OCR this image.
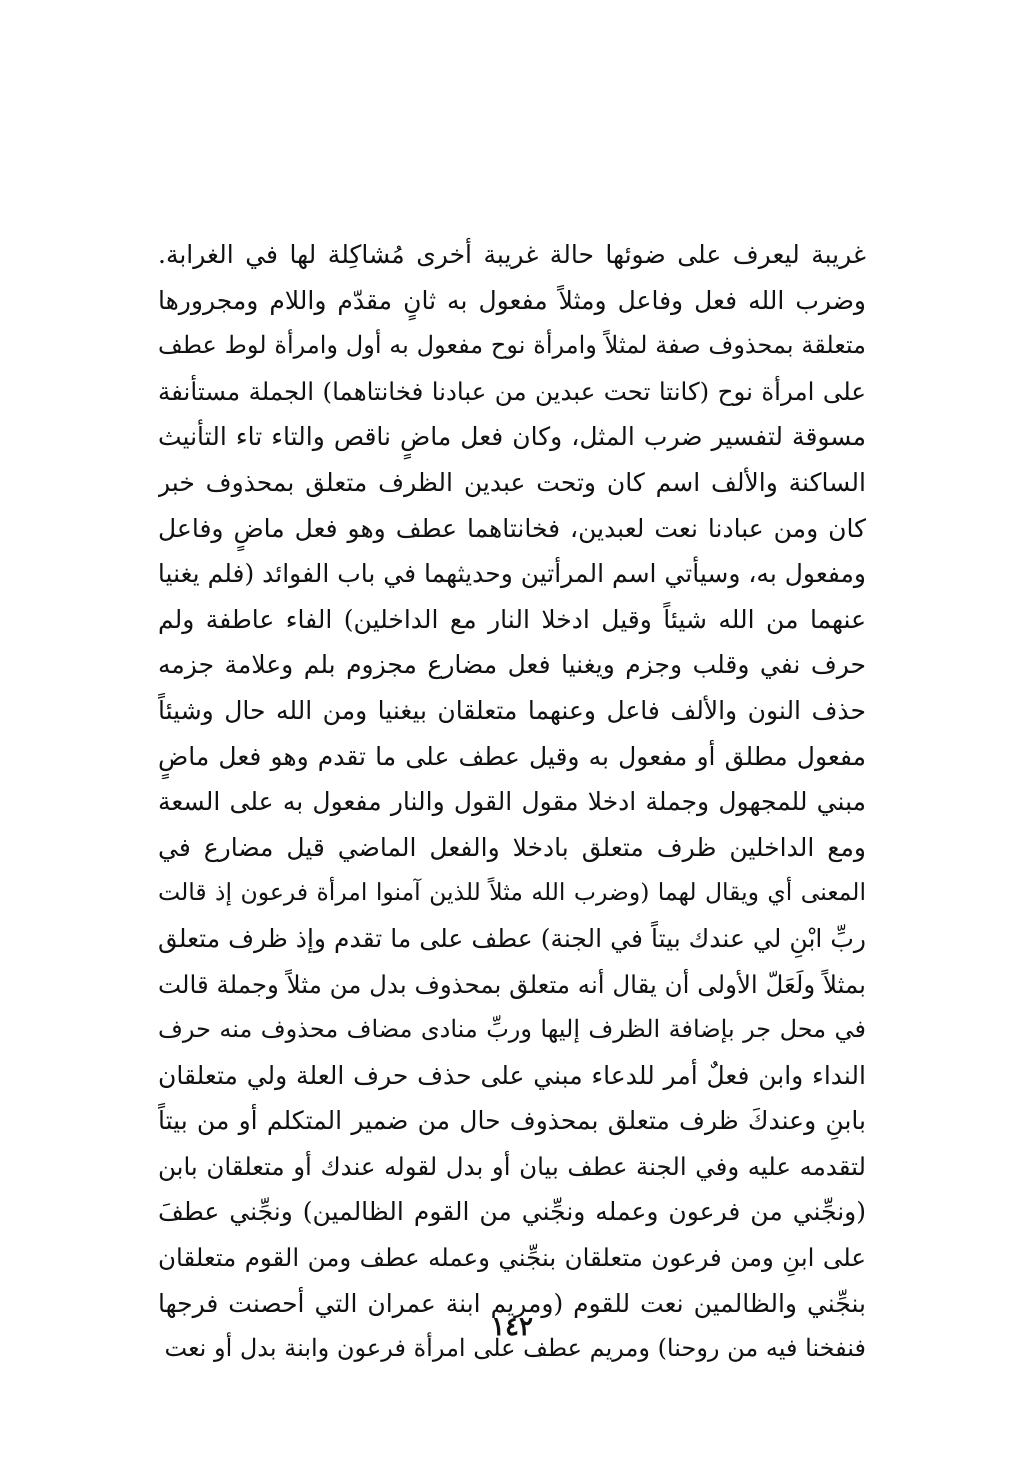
غريبة ليعرف على ضوئها حالة غريبة أخرى مُشاكِلة لها في الغرابة.
وضرب الله فعل وفاعل ومثلاً مفعول به ثانٍ مقدّم واللام ومجرورها
متعلقة بمحذوف صفة لمثلاً وامرأة نوح مفعول به أول وامرأة لوط عطف
على امرأة نوح (كانتا تحت عبدين من عبادنا فخانتاهما) الجملة مستأنفة
مسوقة لتفسير ضرب المثل، وكان فعل ماضٍ ناقص والتاء تاء التأنيث
الساكنة والألف اسم كان وتحت عبدين الظرف متعلق بمحذوف خبر
كان ومن عبادنا نعت لعبدين، فخانتاهما عطف وهو فعل ماضٍ وفاعل
ومفعول به، وسيأتي اسم المرأتين وحديثهما في باب الفوائد (فلم يغنيا
عنهما من الله شيئاً وقيل ادخلا النار مع الداخلين) الفاء عاطفة ولم
حرف نفي وقلب وجزم ويغنيا فعل مضارع مجزوم بلم وعلامة جزمه
حذف النون والألف فاعل وعنهما متعلقان بيغنيا ومن الله حال وشيئاً
مفعول مطلق أو مفعول به وقيل عطف على ما تقدم وهو فعل ماضٍ
مبني للمجهول وجملة ادخلا مقول القول والنار مفعول به على السعة
ومع الداخلين ظرف متعلق بادخلا والفعل الماضي قيل مضارع في
المعنى أي ويقال لهما (وضرب الله مثلاً للذين آمنوا امرأة فرعون إذ قالت
ربِّ ابْنِ لي عندك بيتاً في الجنة) عطف على ما تقدم وإذ ظرف متعلق
بمثلاً ولَعَلّ الأولى أن يقال أنه متعلق بمحذوف بدل من مثلاً وجملة قالت
في محل جر بإضافة الظرف إليها وربِّ منادى مضاف محذوف منه حرف
النداء وابن فعلٌ أمر للدعاء مبني على حذف حرف العلة ولي متعلقان
بابنِ وعندكَ ظرف متعلق بمحذوف حال من ضمير المتكلم أو من بيتاً
لتقدمه عليه وفي الجنة عطف بيان أو بدل لقوله عندك أو متعلقان بابن
(ونجِّني من فرعون وعمله ونجِّني من القوم الظالمين) ونجِّني عطفَ
على ابنِ ومن فرعون متعلقان بنجِّني وعمله عطف ومن القوم متعلقان
بنجِّني والظالمين نعت للقوم (ومريم ابنة عمران التي أحصنت فرجها
فنفخنا فيه من روحنا) ومريم عطف على امرأة فرعون وابنة بدل أو نعت
١٤٢
